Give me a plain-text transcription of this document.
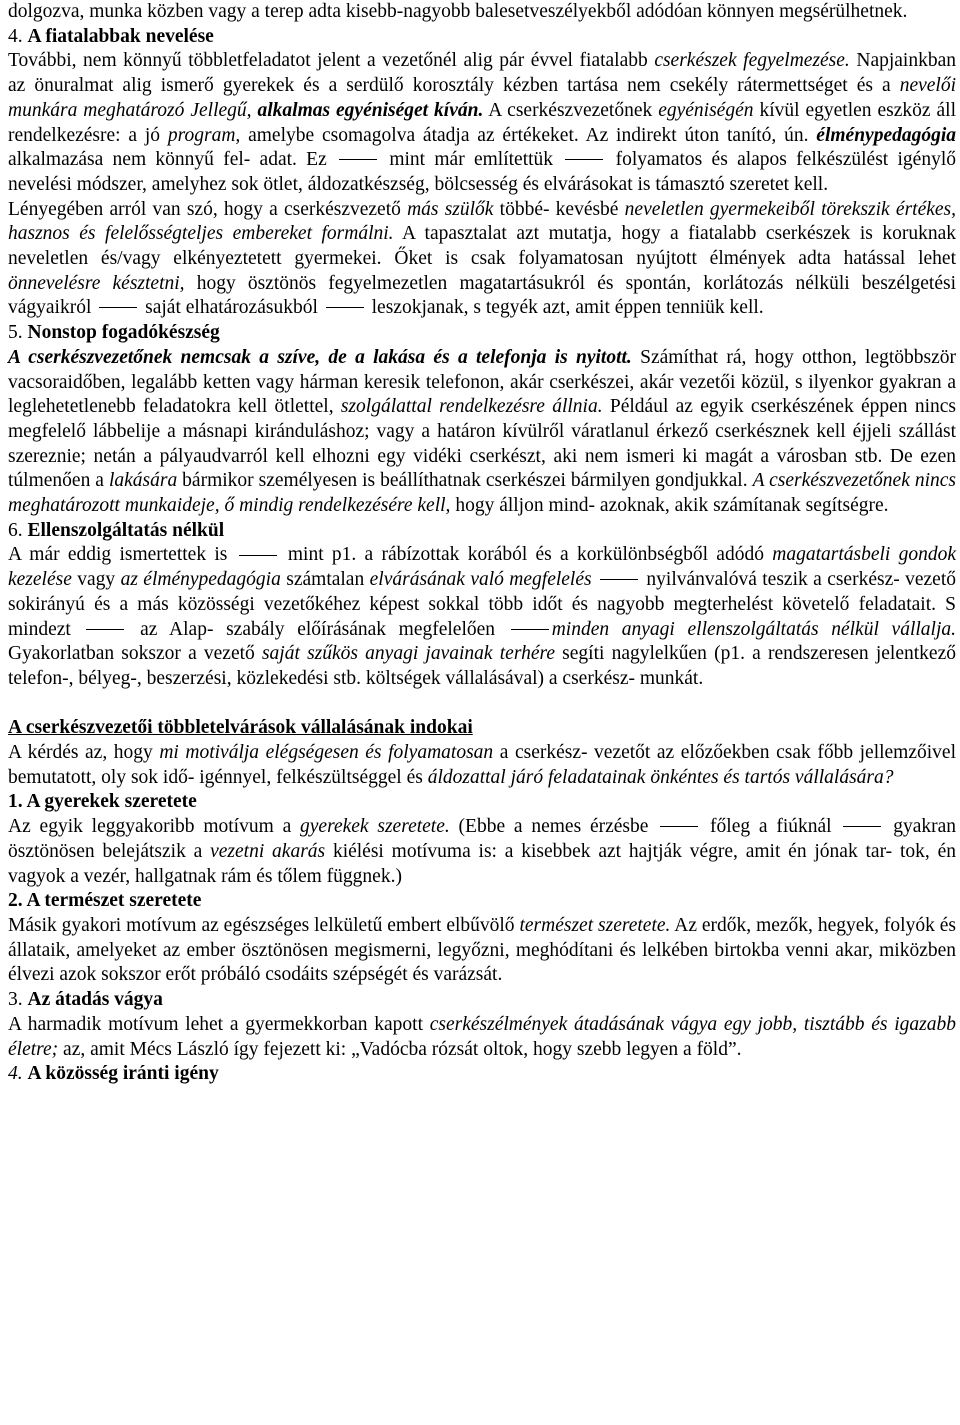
dolgozva, munka közben vagy a terep adta kisebb-nagyobb balesetveszélyekből adódóan könnyen megsérülhetnek.

4. A fiatalabbak nevelése

További, nem könnyű többletfeladatot jelent a vezetőnél alig pár évvel fiatalabb cserkészek fegyelmezése. Napjainkban az önuralmat alig ismerő gyerekek és a serdülő korosztály kézben tartása nem csekély rátermettséget és a nevelői munkára meghatározó Jellegű, alkalmas egyéniséget kíván. A cserkészvezetőnek egyéniségén kívül egyetlen eszköz áll rendelkezésre: a jó program, amelybe csomagolva átadja az értékeket. Az indirekt úton tanító, ún. élménypedagógia alkalmazása nem könnyű fel- adat. Ez  mint már említettük  folyamatos és alapos felkészülést igénylő nevelési módszer, amelyhez sok ötlet, áldozatkészség, bölcsesség és elvárásokat is támasztó szeretet kell.

Lényegében arról van szó, hogy a cserkészvezető más szülők többé- kevésbé neveletlen gyermekeiből törekszik értékes, hasznos és felelősségteljes embereket formálni. A tapasztalat azt mutatja, hogy a fiatalabb cserkészek is koruknak neveletlen és/vagy elkényeztetett gyermekei. Őket is csak folyamatosan nyújtott élmények adta hatással lehet önnevelésre késztetni, hogy ösztönös fegyelmezetlen magatartásukról és spontán, korlátozás nélküli beszélgetési vágyaikról  saját elhatározásukból  leszokjanak, s tegyék azt, amit éppen tenniük kell.

5. Nonstop fogadókészség

A cserkészvezetőnek nemcsak a szíve, de a lakása és a telefonja is nyitott. Számíthat rá, hogy otthon, legtöbbször vacsoraidőben, legalább ketten vagy hárman keresik telefonon, akár cserkészei, akár vezetői közül, s ilyenkor gyakran a leglehetetlenebb feladatokra kell ötlettel, szolgálattal rendelkezésre állnia. Például az egyik cserkészének éppen nincs megfelelő lábbelije a másnapi kiránduláshoz; vagy a határon kívülről váratlanul érkező cserkésznek kell éjjeli szállást szereznie; netán a pályaudvarról kell elhozni egy vidéki cserkészt, aki nem ismeri ki magát a városban stb. De ezen túlmenően a lakására bármikor személyesen is beállíthatnak cserkészei bármilyen gondjukkal. A cserkészvezetőnek nincs meghatározott munkaideje, ő mindig rendelkezésére kell, hogy álljon mind- azoknak, akik számítanak segítségre.

6. Ellenszolgáltatás nélkül

A már eddig ismertettek is  mint p1. a rábízottak korából és a korkülönbségből adódó magatartásbeli gondok kezelése vagy az élménypedagógia számtalan elvárásának való megfelelés	nyilvánvalóvá teszik a cserkész- vezető sokirányú és a más közösségi vezetőkéhez képest sokkal több időt és nagyobb megterhelést követelő feladatait. S mindezt  az Alap- szabály előírásának megfelelően minden anyagi ellenszolgáltatás nélkül vállalja. Gyakorlatban sokszor a vezető saját szűkös anyagi javainak terhére segíti nagylelkűen (p1. a rendszeresen jelentkező telefon-, bélyeg-, beszerzési, közlekedési stb. költségek vállalásával) a cserkész- munkát.

A cserkészvezetői többletelvárások vállalásának indokai

A kérdés az, hogy mi motiválja elégségesen és folyamatosan a cserkész- vezetőt az előzőekben csak főbb jellemzőivel bemutatott, oly sok idő- igénnyel, felkészültséggel és áldozattal járó feladatainak önkéntes és tartós vállalására?

1. A gyerekek szeretete

Az egyik leggyakoribb motívum a gyerekek szeretete. (Ebbe a nemes érzésbe  főleg a fiúknál  gyakran ösztönösen belejátszik a vezetni akarás kiélési motívuma is: a kisebbek azt hajtják végre, amit én jónak tar- tok, én vagyok a vezér, hallgatnak rám és tőlem függnek.)

2. A természet szeretete

Másik gyakori motívum az egészséges lelkületű embert elbűvölő természet szeretete. Az erdők, mezők, hegyek, folyók és állataik, amelyeket az ember ösztönösen megismerni, legyőzni, meghódítani és lelkében birtokba venni akar, miközben élvezi azok sokszor erőt próbáló csodáits szépségét és varázsát.

3. Az átadás vágya

A harmadik motívum lehet a gyermekkorban kapott cserkészélmények átadásának vágya egy jobb, tisztább és igazabb életre; az, amit Mécs László így fejezett ki: „Vadócba rózsát oltok, hogy szebb legyen a föld”.

4. A közösség iránti igény
